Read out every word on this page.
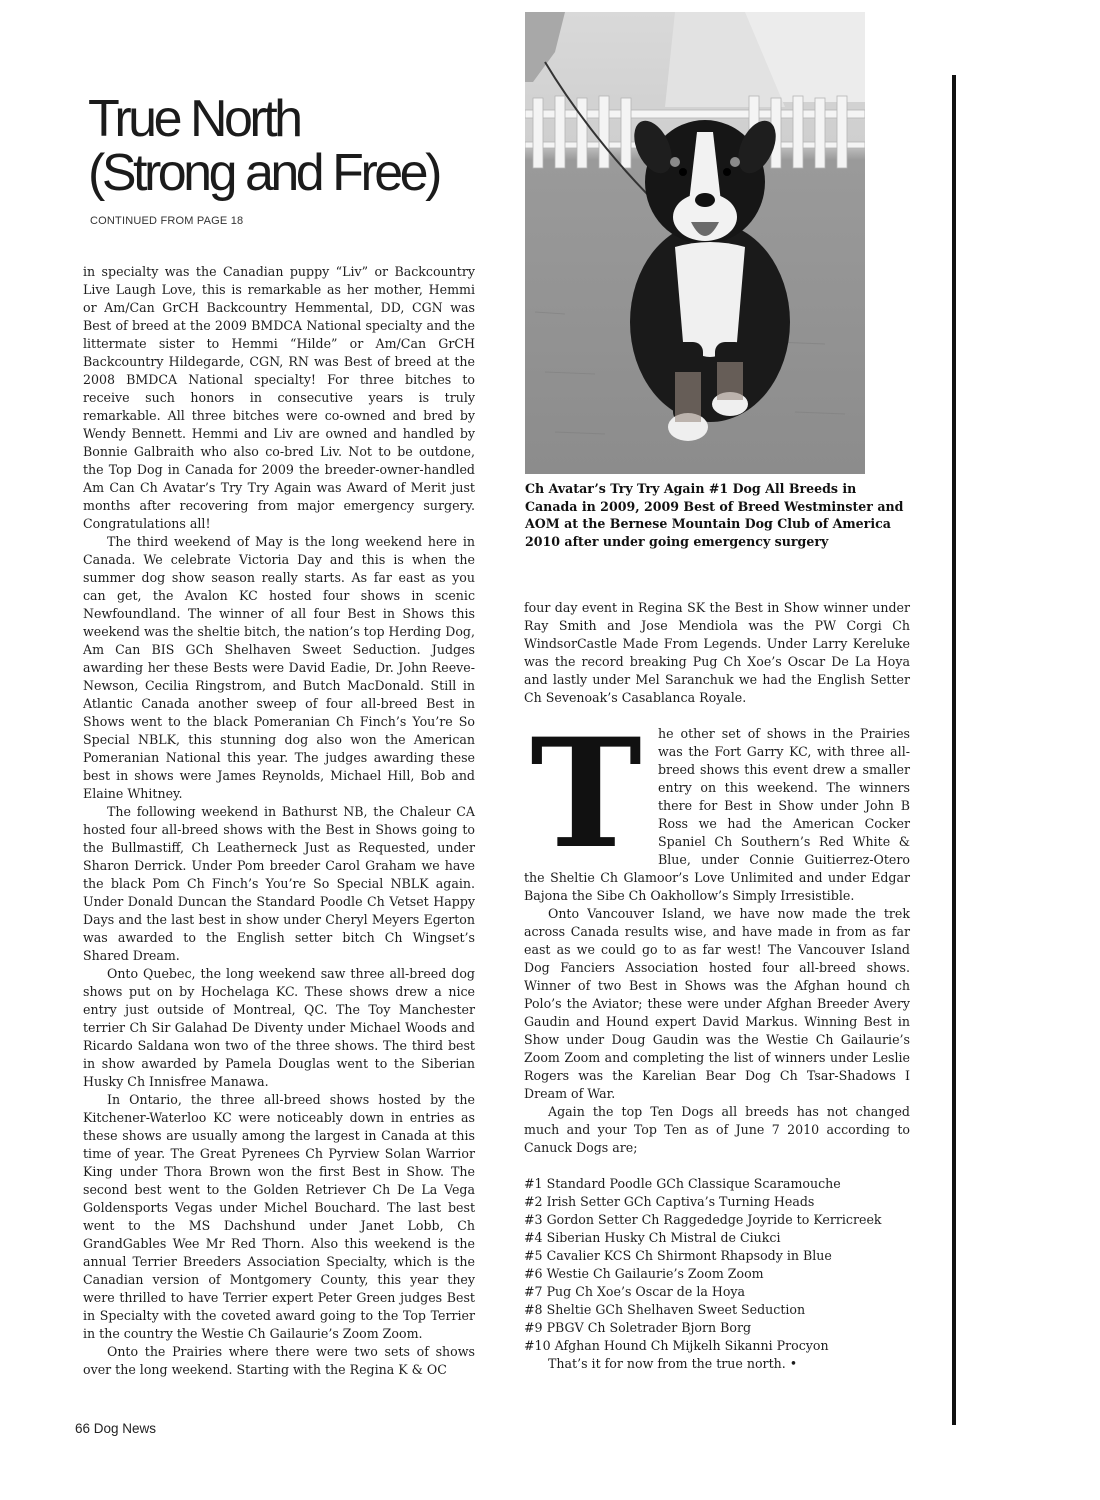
True North
(Strong and Free)
CONTINUED FROM PAGE 18
Ch Avatar’s Try Try Again #1 Dog All Breeds in Canada in 2009, 2009 Best of Breed Westminster and AOM at the Bernese Mountain Dog Club of America 2010 after under going emergency surgery

in specialty was the Canadian puppy “Liv” or Backcountry Live Laugh Love, this is remarkable as her mother, Hemmi or Am/Can GrCH Backcountry Hemmental, DD, CGN was Best of breed at the 2009 BMDCA National specialty and the littermate sister to Hemmi “Hilde” or Am/Can GrCH Backcountry Hildegarde, CGN, RN was Best of breed at the 2008 BMDCA National specialty! For three bitches to receive such honors in consecutive years is truly remarkable. All three bitches were co-owned and bred by Wendy Bennett. Hemmi and Liv are owned and handled by Bonnie Galbraith who also co-bred Liv. Not to be outdone, the Top Dog in Canada for 2009 the breeder-owner-handled Am Can Ch Avatar’s Try Try Again was Award of Merit just months after recovering from major emergency surgery. Congratulations all!

The third weekend of May is the long weekend here in Canada. We celebrate Victoria Day and this is when the summer dog show season really starts. As far east as you can get, the Avalon KC hosted four shows in scenic Newfoundland. The winner of all four Best in Shows this weekend was the sheltie bitch, the nation’s top Herding Dog, Am Can BIS GCh Shelhaven Sweet Seduction. Judges awarding her these Bests were David Eadie, Dr. John Reeve-Newson, Cecilia Ringstrom, and Butch MacDonald. Still in Atlantic Canada another sweep of four all-breed Best in Shows went to the black Pomeranian Ch Finch’s You’re So Special NBLK, this stunning dog also won the American Pomeranian National this year. The judges awarding these best in shows were James Reynolds, Michael Hill, Bob and Elaine Whitney.

The following weekend in Bathurst NB, the Chaleur CA hosted four all-breed shows with the Best in Shows going to the Bullmastiff, Ch Leatherneck Just as Requested, under Sharon Derrick. Under Pom breeder Carol Graham we have the black Pom Ch Finch’s You’re So Special NBLK again. Under Donald Duncan the Standard Poodle Ch Vetset Happy Days and the last best in show under Cheryl Meyers Egerton was awarded to the English setter bitch Ch Wingset’s Shared Dream.

Onto Quebec, the long weekend saw three all-breed dog shows put on by Hochelaga KC. These shows drew a nice entry just outside of Montreal, QC. The Toy Manchester terrier Ch Sir Galahad De Diventy under Michael Woods and Ricardo Saldana won two of the three shows. The third best in show awarded by Pamela Douglas went to the Siberian Husky Ch Innisfree Manawa.

In Ontario, the three all-breed shows hosted by the Kitchener-Waterloo KC were noticeably down in entries as these shows are usually among the largest in Canada at this time of year. The Great Pyrenees Ch Pyrview Solan Warrior King under Thora Brown won the first Best in Show. The second best went to the Golden Retriever Ch De La Vega Goldensports Vegas under Michel Bouchard. The last best went to the MS Dachshund under Janet Lobb, Ch GrandGables Wee Mr Red Thorn. Also this weekend is the annual Terrier Breeders Association Specialty, which is the Canadian version of Montgomery County, this year they were thrilled to have Terrier expert Peter Green judges Best in Specialty with the coveted award going to the Top Terrier in the country the Westie Ch Gailaurie’s Zoom Zoom.

Onto the Prairies where there were two sets of shows over the long weekend. Starting with the Regina K & OC

four day event in Regina SK the Best in Show winner under Ray Smith and Jose Mendiola was the PW Corgi Ch WindsorCastle Made From Legends. Under Larry Kereluke was the record breaking Pug Ch Xoe’s Oscar De La Hoya and lastly under Mel Saranchuk we had the English Setter Ch Sevenoak’s Casablanca Royale.

T	he other set of shows in the Prairies was the Fort Garry KC, with three all-breed shows this event drew a smaller entry on this weekend. The winners there for Best in Show under John B Ross we had the American Cocker Spaniel Ch Southern’s Red White & Blue, under Connie Guitierrez-Otero the Sheltie Ch Glamoor’s Love Unlimited and under Edgar Bajona the Sibe Ch Oakhollow’s Simply Irresistible.

Onto Vancouver Island, we have now made the trek across Canada results wise, and have made in from as far east as we could go to as far west! The Vancouver Island Dog Fanciers Association hosted four all-breed shows. Winner of two Best in Shows was the Afghan hound ch Polo’s the Aviator; these were under Afghan Breeder Avery Gaudin and Hound expert David Markus. Winning Best in Show under Doug Gaudin was the Westie Ch Gailaurie’s Zoom Zoom and completing the list of winners under Leslie Rogers was the Karelian Bear Dog Ch Tsar-Shadows I Dream of War.

Again the top Ten Dogs all breeds has not changed much and your Top Ten as of June 7 2010 according to Canuck Dogs are;

#1 Standard Poodle GCh Classique Scaramouche
#2 Irish Setter GCh Captiva’s Turning Heads
#3 Gordon Setter Ch Raggededge Joyride to Kerricreek
#4 Siberian Husky Ch Mistral de Ciukci
#5 Cavalier KCS Ch Shirmont Rhapsody in Blue
#6 Westie Ch Gailaurie’s Zoom Zoom
#7 Pug Ch Xoe’s Oscar de la Hoya
#8 Sheltie GCh Shelhaven Sweet Seduction
#9 PBGV Ch Soletrader Bjorn Borg
#10 Afghan Hound Ch Mijkelh Sikanni Procyon

That’s it for now from the true north. •

66 Dog News
